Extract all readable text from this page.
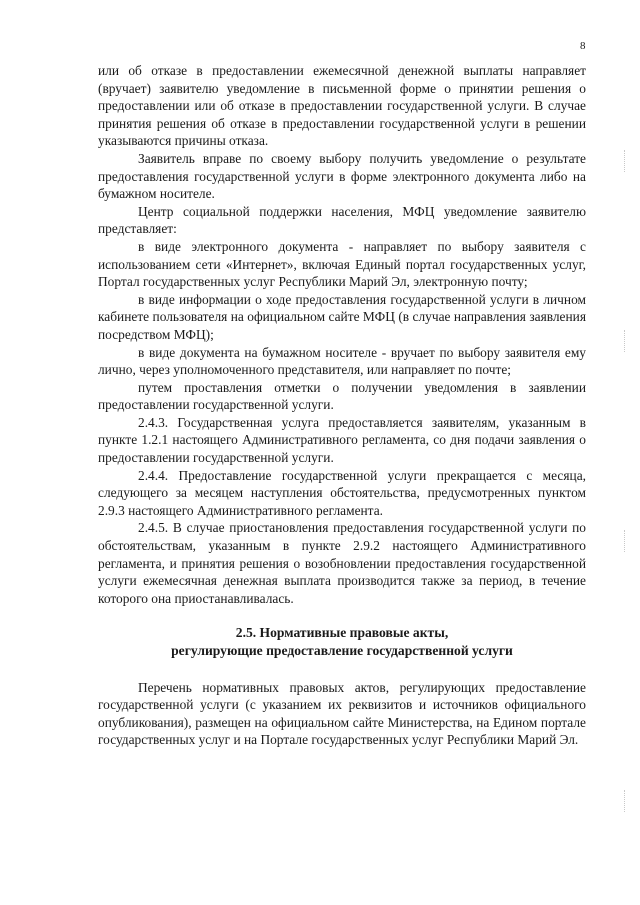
8

или об отказе в предоставлении ежемесячной денежной выплаты направляет (вручает) заявителю уведомление в письменной форме о принятии решения о предоставлении или об отказе в предоставлении государственной услуги. В случае принятия решения об отказе в предоставлении государственной услуги в решении указываются причины отказа.

Заявитель вправе по своему выбору получить уведомление о результате предоставления государственной услуги в форме электронного документа либо на бумажном носителе.

Центр социальной поддержки населения, МФЦ уведомление заявителю представляет:

в виде электронного документа - направляет по выбору заявителя с использованием сети «Интернет», включая Единый портал государственных услуг, Портал государственных услуг Республики Марий Эл, электронную почту;

в виде информации о ходе предоставления государственной услуги в личном кабинете пользователя на официальном сайте МФЦ (в случае направления заявления посредством МФЦ);

в виде документа на бумажном носителе - вручает по выбору заявителя ему лично, через уполномоченного представителя, или направляет по почте;

путем проставления отметки о получении уведомления в заявлении предоставлении государственной услуги.

2.4.3. Государственная услуга предоставляется заявителям, указанным в пункте 1.2.1 настоящего Административного регламента, со дня подачи заявления о предоставлении государственной услуги.

2.4.4. Предоставление государственной услуги прекращается с месяца, следующего за месяцем наступления обстоятельства, предусмотренных пунктом 2.9.3 настоящего Административного регламента.

2.4.5. В случае приостановления предоставления государственной услуги по обстоятельствам, указанным в пункте 2.9.2 настоящего Административного регламента, и принятия решения о возобновлении предоставления государственной услуги ежемесячная денежная выплата производится также за период, в течение которого она приостанавливалась.

2.5. Нормативные правовые акты,
регулирующие предоставление государственной услуги

Перечень нормативных правовых актов, регулирующих предоставление государственной услуги (с указанием их реквизитов и источников официального опубликования), размещен на официальном сайте Министерства, на Едином портале государственных услуг и на Портале государственных услуг Республики Марий Эл.
